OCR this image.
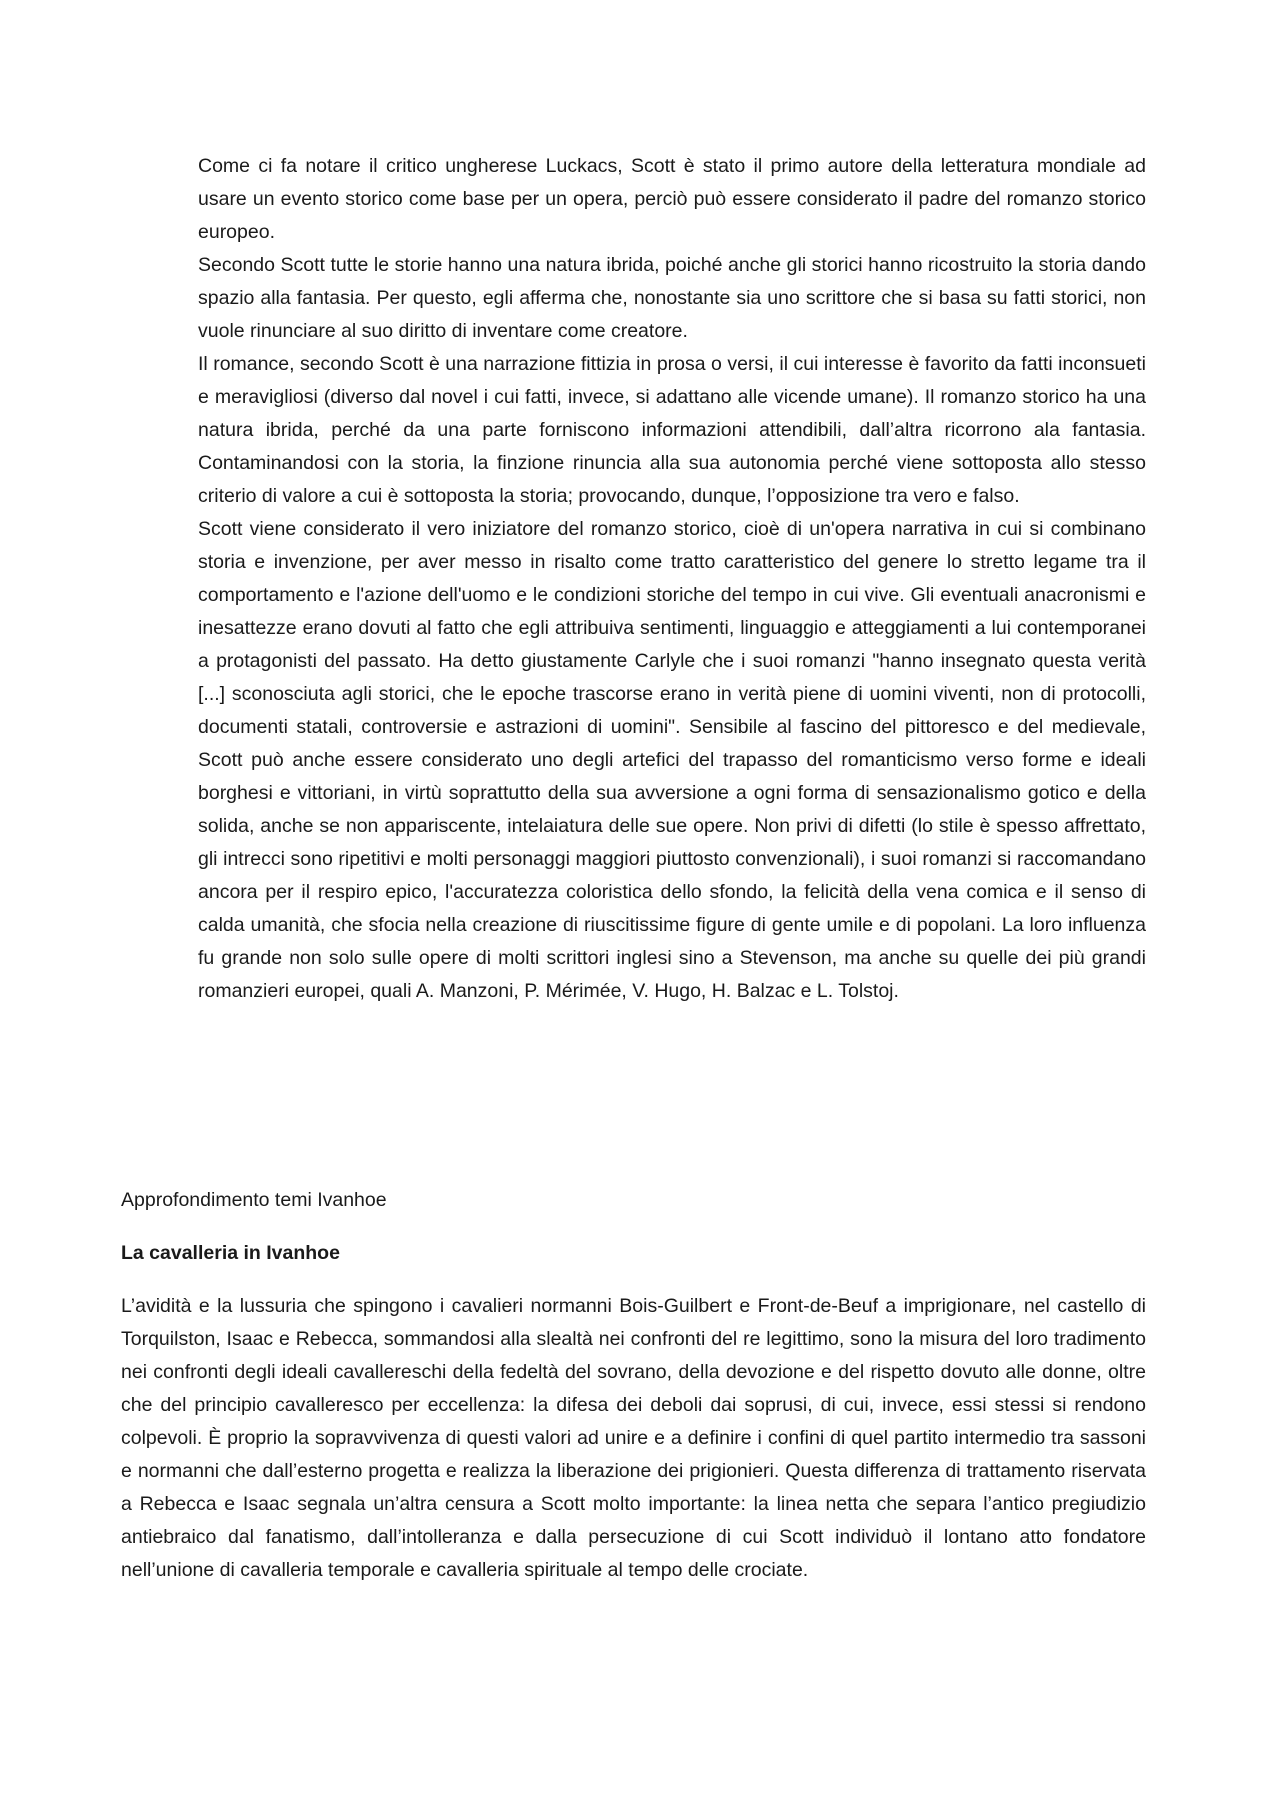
Come ci fa notare il critico ungherese Luckacs, Scott è stato il primo autore della letteratura mondiale ad usare un evento storico come base per un opera, perciò può essere considerato il padre del romanzo storico europeo.

Secondo Scott tutte le storie hanno una natura ibrida, poiché anche gli storici hanno ricostruito la storia dando spazio alla fantasia. Per questo, egli afferma che, nonostante sia uno scrittore che si basa su fatti storici, non vuole rinunciare al suo diritto di inventare come creatore.

Il romance, secondo Scott è una narrazione fittizia in prosa o versi, il cui interesse è favorito da fatti inconsueti e meravigliosi (diverso dal novel i cui fatti, invece, si adattano alle vicende umane). Il romanzo storico ha una natura ibrida, perché da una parte forniscono informazioni attendibili, dall’altra ricorrono ala fantasia. Contaminandosi con la storia, la finzione rinuncia alla sua autonomia perché viene sottoposta allo stesso criterio di valore a cui è sottoposta la storia; provocando, dunque, l’opposizione tra vero e falso.

Scott viene considerato il vero iniziatore del romanzo storico, cioè di un'opera narrativa in cui si combinano storia e invenzione, per aver messo in risalto come tratto caratteristico del genere lo stretto legame tra il comportamento e l'azione dell'uomo e le condizioni storiche del tempo in cui vive. Gli eventuali anacronismi e inesattezze erano dovuti al fatto che egli attribuiva sentimenti, linguaggio e atteggiamenti a lui contemporanei a protagonisti del passato. Ha detto giustamente Carlyle che i suoi romanzi "hanno insegnato questa verità [...] sconosciuta agli storici, che le epoche trascorse erano in verità piene di uomini viventi, non di protocolli, documenti statali, controversie e astrazioni di uomini". Sensibile al fascino del pittoresco e del medievale, Scott può anche essere considerato uno degli artefici del trapasso del romanticismo verso forme e ideali borghesi e vittoriani, in virtù soprattutto della sua avversione a ogni forma di sensazionalismo gotico e della solida, anche se non appariscente, intelaiatura delle sue opere. Non privi di difetti (lo stile è spesso affrettato, gli intrecci sono ripetitivi e molti personaggi maggiori piuttosto convenzionali), i suoi romanzi si raccomandano ancora per il respiro epico, l'accuratezza coloristica dello sfondo, la felicità della vena comica e il senso di calda umanità, che sfocia nella creazione di riuscitissime figure di gente umile e di popolani. La loro influenza fu grande non solo sulle opere di molti scrittori inglesi sino a Stevenson, ma anche su quelle dei più grandi romanzieri europei, quali A. Manzoni, P. Mérimée, V. Hugo, H. Balzac e L. Tolstoj.

Approfondimento temi Ivanhoe

La cavalleria in Ivanhoe

L’avidità e la lussuria che spingono i cavalieri normanni Bois-Guilbert e Front-de-Beuf a imprigionare, nel castello di Torquilston, Isaac e Rebecca, sommandosi alla slealtà nei confronti del re legittimo, sono la misura del loro tradimento nei confronti degli ideali cavallereschi della fedeltà del sovrano, della devozione e del rispetto dovuto alle donne, oltre che del principio cavalleresco per eccellenza: la difesa dei deboli dai soprusi, di cui, invece, essi stessi si rendono colpevoli. È proprio la sopravvivenza di questi valori ad unire e a definire i confini di quel partito intermedio tra sassoni e normanni che dall’esterno progetta e realizza la liberazione dei prigionieri. Questa differenza di trattamento riservata a Rebecca e Isaac segnala un’altra censura a Scott molto importante: la linea netta che separa l’antico pregiudizio antiebraico dal fanatismo, dall’intolleranza e dalla persecuzione di cui Scott individuò il lontano atto fondatore nell’unione di cavalleria temporale e cavalleria spirituale al tempo delle crociate.
